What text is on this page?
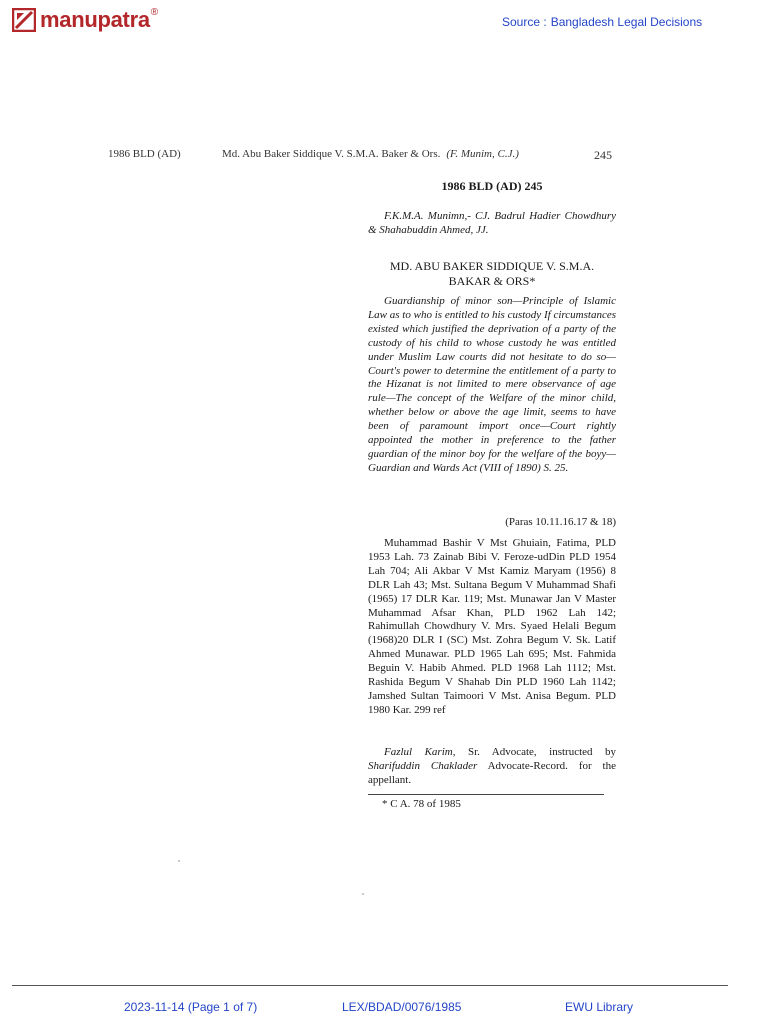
manupatra ®
Source : Bangladesh Legal Decisions
1986 BLD (AD)	Md. Abu Baker Siddique V. S.M.A. Baker & Ors. (F. Munim, C.J.)	245
1986 BLD (AD) 245
F.K.M.A. Munimn,- CJ. Badrul Hadier Chowdhury & Shahabuddin Ahmed, JJ.
MD. ABU BAKER SIDDIQUE V. S.M.A.
BAKAR & ORS*
Guardianship of minor son—Principle of Islamic Law as to who is entitled to his custody If circumstances existed which justified the deprivation of a party of the custody of his child to whose custody he was entitled under Muslim Law courts did not hesitate to do so—Court's power to determine the entitlement of a party to the Hizanat is not limited to mere observance of age rule—The concept of the Welfare of the minor child, whether below or above the age limit, seems to have been of paramount import once—Court rightly appointed the mother in preference to the father guardian of the minor boy for the welfare of the boyy—Guardian and Wards Act (VIII of 1890) S. 25.
(Paras 10.11.16.17 & 18)
Muhammad Bashir V Mst Ghuiain, Fatima, PLD 1953 Lah. 73 Zainab Bibi V. Feroze-udDin PLD 1954 Lah 704; Ali Akbar V Mst Kamiz Maryam (1956) 8 DLR Lah 43; Mst. Sultana Begum V Muhammad Shafi (1965) 17 DLR Kar. 119; Mst. Munawar Jan V Master Muhammad Afsar Khan, PLD 1962 Lah 142; Rahimullah Chowdhury V. Mrs. Syaed Helali Begum (1968)20 DLR I (SC) Mst. Zohra Begum V. Sk. Latif Ahmed Munawar. PLD 1965 Lah 695; Mst. Fahmida Beguin V. Habib Ahmed. PLD 1968 Lah 1112; Mst. Rashida Begum V Shahab Din PLD 1960 Lah 1142; Jamshed Sultan Taimoori V Mst. Anisa Begum. PLD 1980 Kar. 299 ref
Fazlul Karim, Sr. Advocate, instructed by Sharifuddin Chaklader Advocate-Record. for the appellant.
* C A. 78 of 1985
2023-11-14 (Page 1 of 7)	LEX/BDAD/0076/1985	EWU Library
